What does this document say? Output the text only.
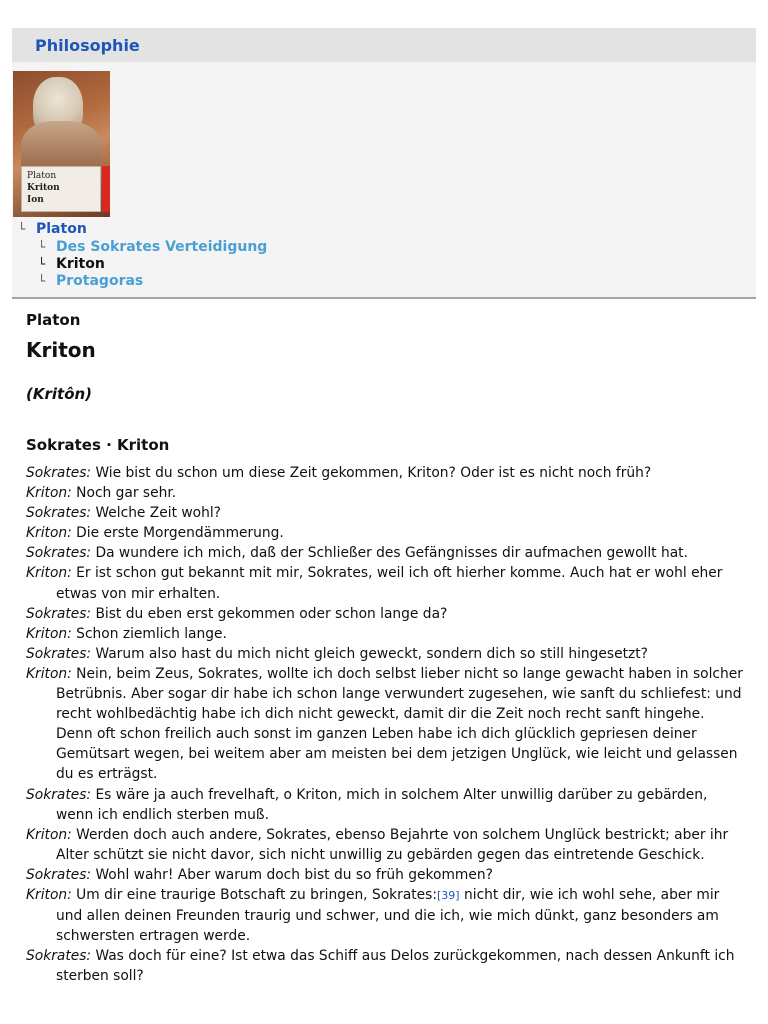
Philosophie
Platon
Kriton
Ion
└ Platon
└ Des Sokrates Verteidigung
└ Kriton
└ Protagoras
Platon
Kriton
(Kritôn)
Sokrates · Kriton

Sokrates: Wie bist du schon um diese Zeit gekommen, Kriton? Oder ist es nicht noch früh?

Kriton: Noch gar sehr.

Sokrates: Welche Zeit wohl?

Kriton: Die erste Morgendämmerung.

Sokrates: Da wundere ich mich, daß der Schließer des Gefängnisses dir aufmachen gewollt hat.

Kriton: Er ist schon gut bekannt mit mir, Sokrates, weil ich oft hierher komme. Auch hat er wohl eher etwas von mir erhalten.

Sokrates: Bist du eben erst gekommen oder schon lange da?

Kriton: Schon ziemlich lange.

Sokrates: Warum also hast du mich nicht gleich geweckt, sondern dich so still hingesetzt?

Kriton: Nein, beim Zeus, Sokrates, wollte ich doch selbst lieber nicht so lange gewacht haben in solcher Betrübnis. Aber sogar dir habe ich schon lange verwundert zugesehen, wie sanft du schliefest: und recht wohlbedächtig habe ich dich nicht geweckt, damit dir die Zeit noch recht sanft hingehe. Denn oft schon freilich auch sonst im ganzen Leben habe ich dich glücklich gepriesen deiner Gemütsart wegen, bei weitem aber am meisten bei dem jetzigen Unglück, wie leicht und gelassen du es erträgst.

Sokrates: Es wäre ja auch frevelhaft, o Kriton, mich in solchem Alter unwillig darüber zu gebärden, wenn ich endlich sterben muß.

Kriton: Werden doch auch andere, Sokrates, ebenso Bejahrte von solchem Unglück bestrickt; aber ihr Alter schützt sie nicht davor, sich nicht unwillig zu gebärden gegen das eintretende Geschick.

Sokrates: Wohl wahr! Aber warum doch bist du so früh gekommen?

Kriton: Um dir eine traurige Botschaft zu bringen, Sokrates:[39] nicht dir, wie ich wohl sehe, aber mir und allen deinen Freunden traurig und schwer, und die ich, wie mich dünkt, ganz besonders am schwersten ertragen werde.

Sokrates: Was doch für eine? Ist etwa das Schiff aus Delos zurückgekommen, nach dessen Ankunft ich sterben soll?
